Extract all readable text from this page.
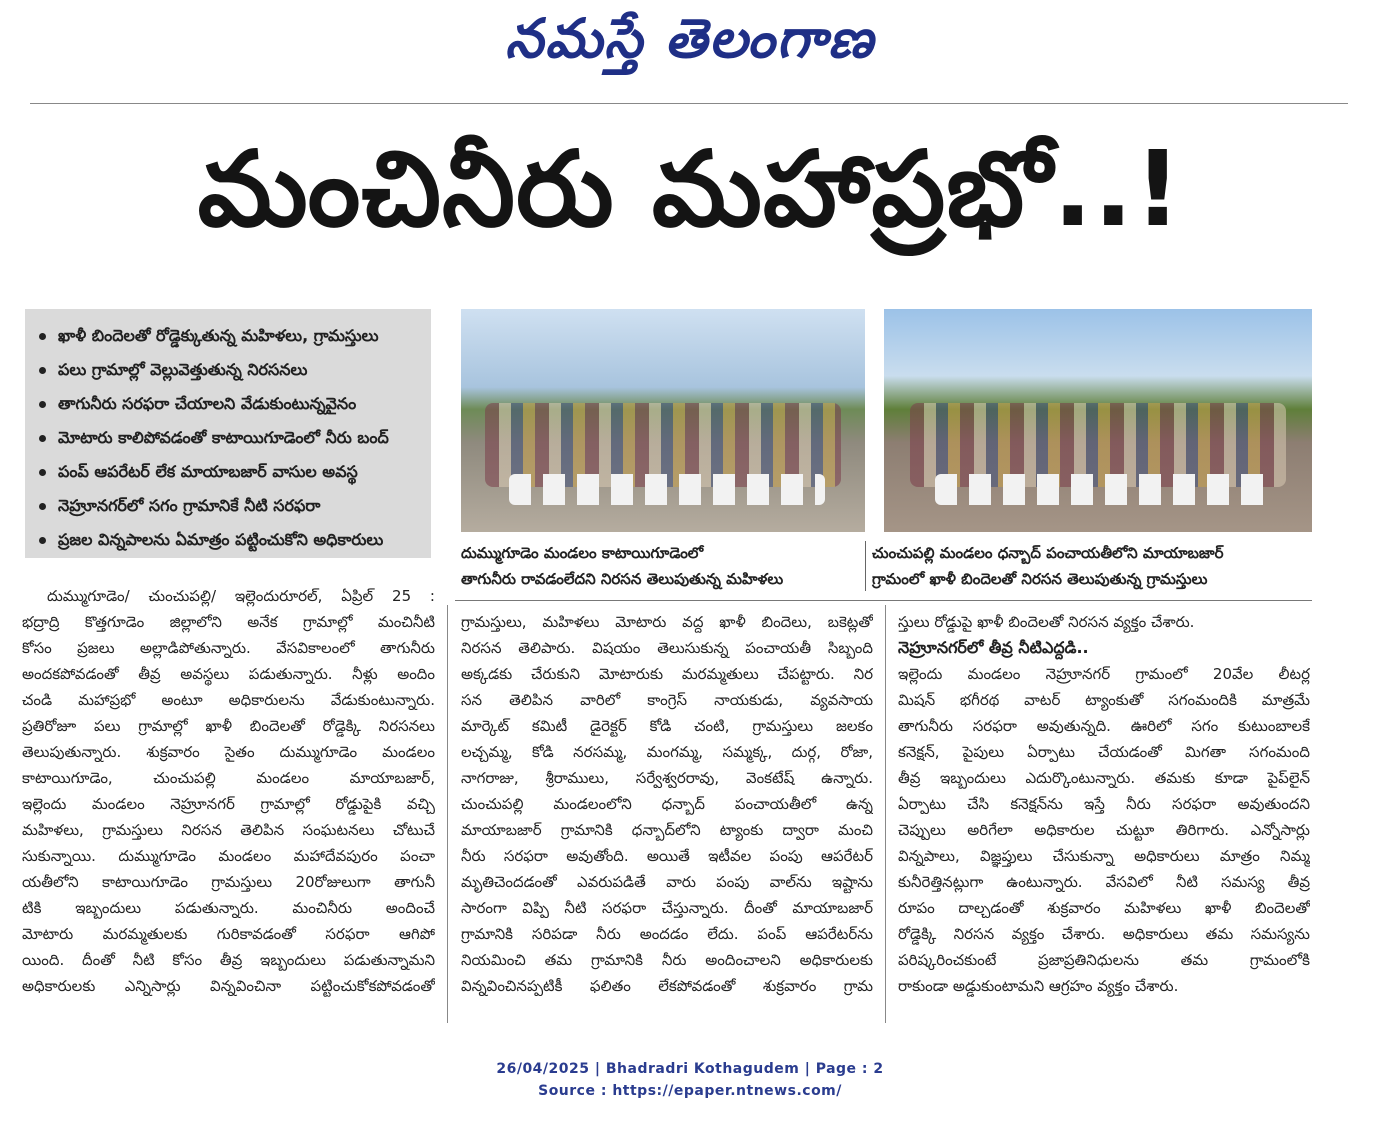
నమస్తే తెలంగాణ
మంచినీరు మహాప్రభో..!
ఖాళీ బిందెలతో రోడ్డెక్కుతున్న మహిళలు, గ్రామస్తులు
పలు గ్రామాల్లో వెల్లువెత్తుతున్న నిరసనలు
తాగునీరు సరఫరా చేయాలని వేడుకుంటున్నవైనం
మోటారు కాలిపోవడంతో కాటాయిగూడెంలో నీరు బంద్
పంప్ ఆపరేటర్ లేక మాయాబజార్ వాసుల అవస్థ
నెహ్రూనగర్‌లో సగం గ్రామానికే నీటి సరఫరా
ప్రజల విన్నపాలను ఏమాత్రం పట్టించుకోని అధికారులు
దుమ్ముగూడెం మండలం కాటాయిగూడెంలో
తాగునీరు రావడంలేదని నిరసన తెలుపుతున్న మహిళలు
చుంచుపల్లి మండలం ధన్బాద్ పంచాయతీలోని మాయాబజార్
గ్రామంలో ఖాళీ బిందెలతో నిరసన తెలుపుతున్న గ్రామస్తులు
దుమ్ముగూడెం/ చుంచుపల్లి/ ఇల్లెందురూరల్, ఏప్రిల్ 25 :
భద్రాద్రి కొత్తగూడెం జిల్లాలోని అనేక గ్రామాల్లో మంచినీటి
కోసం ప్రజలు అల్లాడిపోతున్నారు. వేసవికాలంలో తాగునీరు
అందకపోవడంతో తీవ్ర అవస్థలు పడుతున్నారు. నీళ్లు అందిం
చండి మహాప్రభో అంటూ అధికారులను వేడుకుంటున్నారు.
ప్రతిరోజూ పలు గ్రామాల్లో ఖాళీ బిందెలతో రోడ్డెక్కి నిరసనలు
తెలుపుతున్నారు. శుక్రవారం సైతం దుమ్ముగూడెం మండలం
కాటాయిగూడెం, చుంచుపల్లి మండలం మాయాబజార్,
ఇల్లెందు మండలం నెహ్రూనగర్ గ్రామాల్లో రోడ్డుపైకి వచ్చి
మహిళలు, గ్రామస్తులు నిరసన తెలిపిన సంఘటనలు చోటుచే
సుకున్నాయి. దుమ్ముగూడెం మండలం మహాదేవపురం పంచా
యతీలోని కాటాయిగూడెం గ్రామస్తులు 20రోజులుగా తాగునీ
టికి ఇబ్బందులు పడుతున్నారు. మంచినీరు అందించే
మోటారు మరమ్మతులకు గురికావడంతో సరఫరా ఆగిపో
యింది. దీంతో నీటి కోసం తీవ్ర ఇబ్బందులు పడుతున్నామని
అధికారులకు ఎన్నిసార్లు విన్నవించినా పట్టించుకోకపోవడంతో
గ్రామస్తులు, మహిళలు మోటారు వద్ద ఖాళీ బిందెలు, బకెట్లతో
నిరసన తెలిపారు. విషయం తెలుసుకున్న పంచాయతీ సిబ్బంది
అక్కడకు చేరుకుని మోటారుకు మరమ్మతులు చేపట్టారు. నిర
సన తెలిపిన వారిలో కాంగ్రెస్ నాయకుడు, వ్యవసాయ
మార్కెట్ కమిటీ డైరెక్టర్ కోడి చంటి, గ్రామస్తులు జలకం
లచ్చమ్మ, కోడి నరసమ్మ, మంగమ్మ, సమ్మక్క, దుర్గ, రోజా,
నాగరాజు, శ్రీరాములు, సర్వేశ్వరరావు, వెంకటేష్ ఉన్నారు.
చుంచుపల్లి మండలంలోని ధన్బాద్ పంచాయతీలో ఉన్న
మాయాబజార్ గ్రామానికి ధన్బాద్‌లోని ట్యాంకు ద్వారా మంచి
నీరు సరఫరా అవుతోంది. అయితే ఇటీవల పంపు ఆపరేటర్
మృతిచెందడంతో ఎవరుపడితే వారు పంపు వాల్‌ను ఇష్టాను
సారంగా విప్పి నీటి సరఫరా చేస్తున్నారు. దీంతో మాయాబజార్
గ్రామానికి సరిపడా నీరు అందడం లేదు. పంప్ ఆపరేటర్‌ను
నియమించి తమ గ్రామానికి నీరు అందించాలని అధికారులకు
విన్నవించినప్పటికీ ఫలితం లేకపోవడంతో శుక్రవారం గ్రామ
స్తులు రోడ్డుపై ఖాళీ బిందెలతో నిరసన వ్యక్తం చేశారు.
నెహ్రూనగర్‌లో తీవ్ర నీటిఎద్దడి..
ఇల్లెందు మండలం నెహ్రూనగర్ గ్రామంలో 20వేల లీటర్ల
మిషన్ భగీరథ వాటర్ ట్యాంకుతో సగంమందికి మాత్రమే
తాగునీరు సరఫరా అవుతున్నది. ఊరిలో సగం కుటుంబాలకే
కనెక్షన్, పైపులు ఏర్పాటు చేయడంతో మిగతా సగంమంది
తీవ్ర ఇబ్బందులు ఎదుర్కొంటున్నారు. తమకు కూడా పైప్‌లైన్
ఏర్పాటు చేసి కనెక్షన్‌ను ఇస్తే నీరు సరఫరా అవుతుందని
చెప్పులు అరిగేలా అధికారుల చుట్టూ తిరిగారు. ఎన్నోసార్లు
విన్నపాలు, విజ్ఞప్తులు చేసుకున్నా అధికారులు మాత్రం నిమ్మ
కునీరెత్తినట్లుగా ఉంటున్నారు. వేసవిలో నీటి సమస్య తీవ్ర
రూపం దాల్చడంతో శుక్రవారం మహిళలు ఖాళీ బిందెలతో
రోడ్డెక్కి నిరసన వ్యక్తం చేశారు. అధికారులు తమ సమస్యను
పరిష్కరించకుంటే ప్రజాప్రతినిధులను తమ గ్రామంలోకి
రాకుండా అడ్డుకుంటామని ఆగ్రహం వ్యక్తం చేశారు.
26/04/2025 | Bhadradri Kothagudem | Page : 2
Source : https://epaper.ntnews.com/
